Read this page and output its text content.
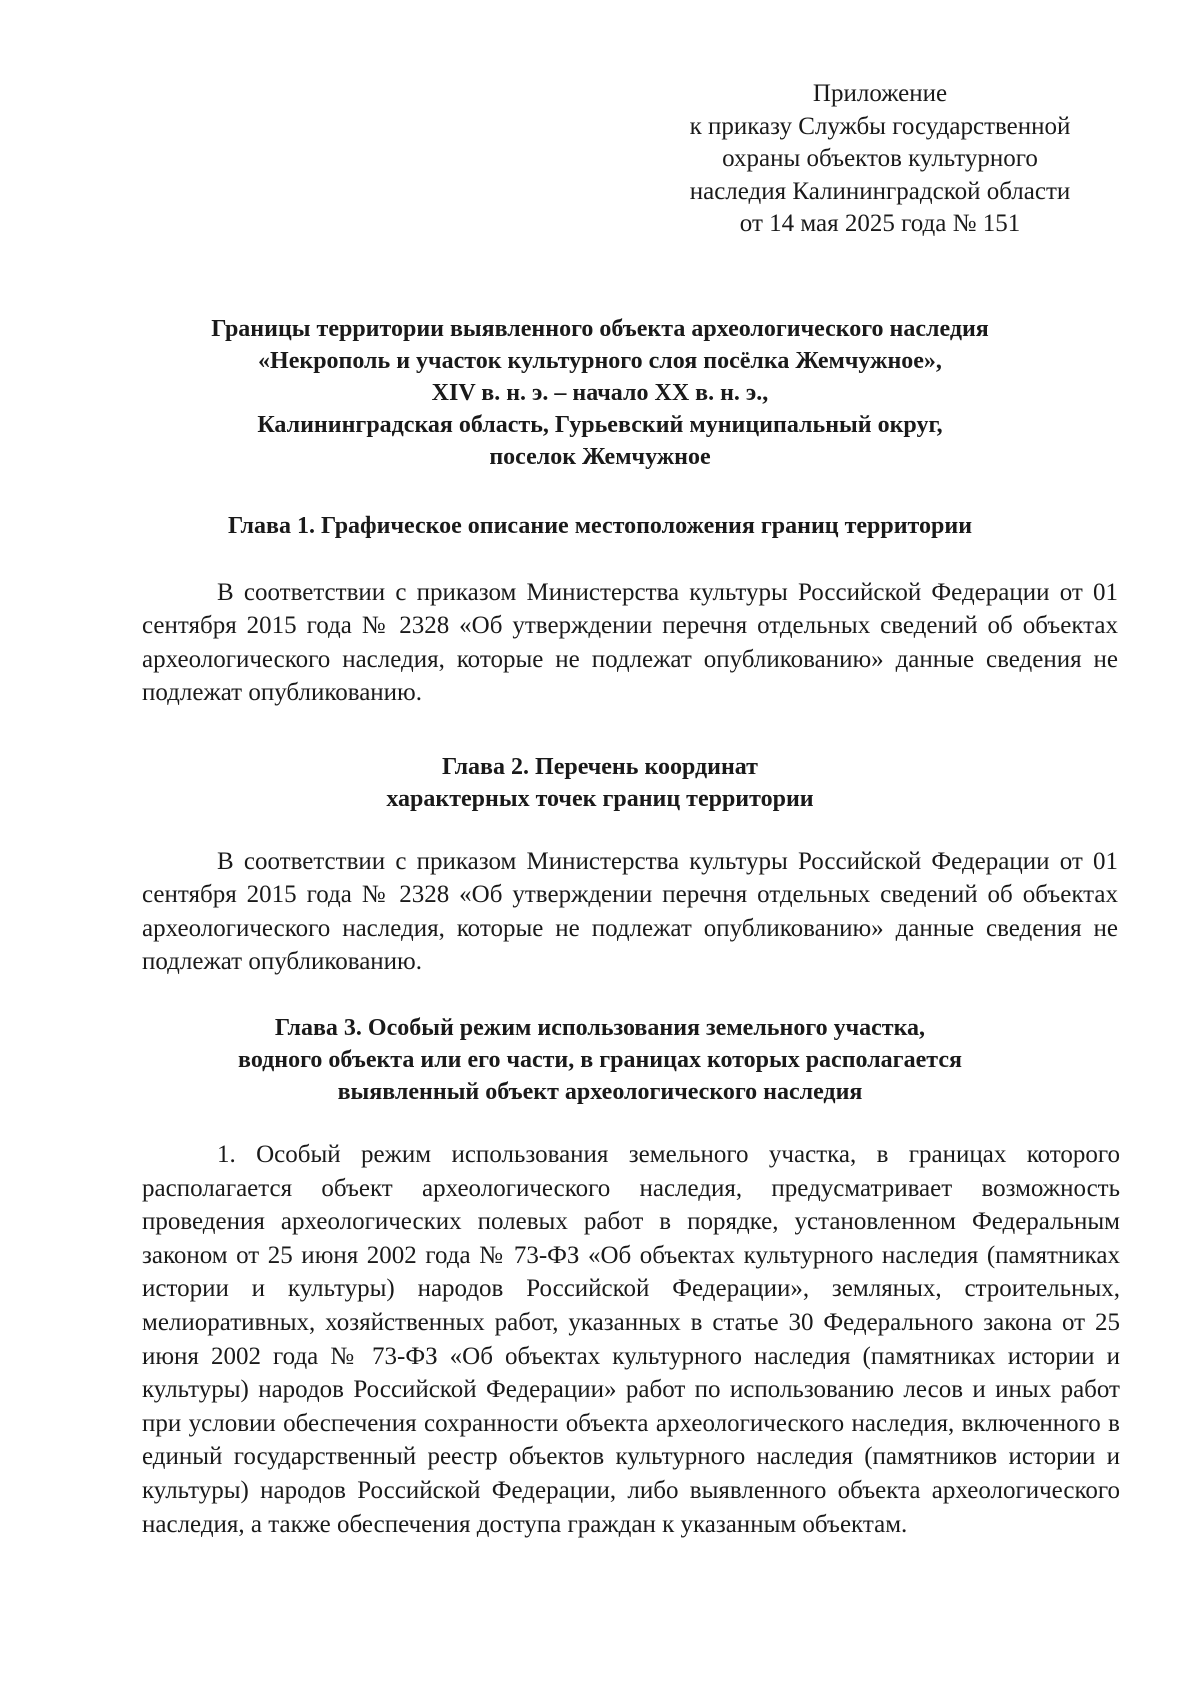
Приложение
к приказу Службы государственной
охраны объектов культурного
наследия Калининградской области
от 14 мая 2025 года № 151
Границы территории выявленного объекта археологического наследия
«Некрополь и участок культурного слоя посёлка Жемчужное»,
XIV в. н. э. – начало XX в. н. э.,
Калининградская область, Гурьевский муниципальный округ,
поселок Жемчужное
Глава 1. Графическое описание местоположения границ территории

В соответствии с приказом Министерства культуры Российской Федерации от 01 сентября 2015 года № 2328 «Об утверждении перечня отдельных сведений об объектах археологического наследия, которые не подлежат опубликованию» данные сведения не подлежат опубликованию.

Глава 2. Перечень координат
характерных точек границ территории

В соответствии с приказом Министерства культуры Российской Федерации от 01 сентября 2015 года № 2328 «Об утверждении перечня отдельных сведений об объектах археологического наследия, которые не подлежат опубликованию» данные сведения не подлежат опубликованию.

Глава 3. Особый режим использования земельного участка,
водного объекта или его части, в границах которых располагается
выявленный объект археологического наследия

1. Особый режим использования земельного участка, в границах которого располагается объект археологического наследия, предусматривает возможность проведения археологических полевых работ в порядке, установленном Федеральным законом от 25 июня 2002 года № 73-ФЗ «Об объектах культурного наследия (памятниках истории и культуры) народов Российской Федерации», земляных, строительных, мелиоративных, хозяйственных работ, указанных в статье 30 Федерального закона от 25 июня 2002 года № 73-ФЗ «Об объектах культурного наследия (памятниках истории и культуры) народов Российской Федерации» работ по использованию лесов и иных работ при условии обеспечения сохранности объекта археологического наследия, включенного в единый государственный реестр объектов культурного наследия (памятников истории и культуры) народов Российской Федерации, либо выявленного объекта археологического наследия, а также обеспечения доступа граждан к указанным объектам.
